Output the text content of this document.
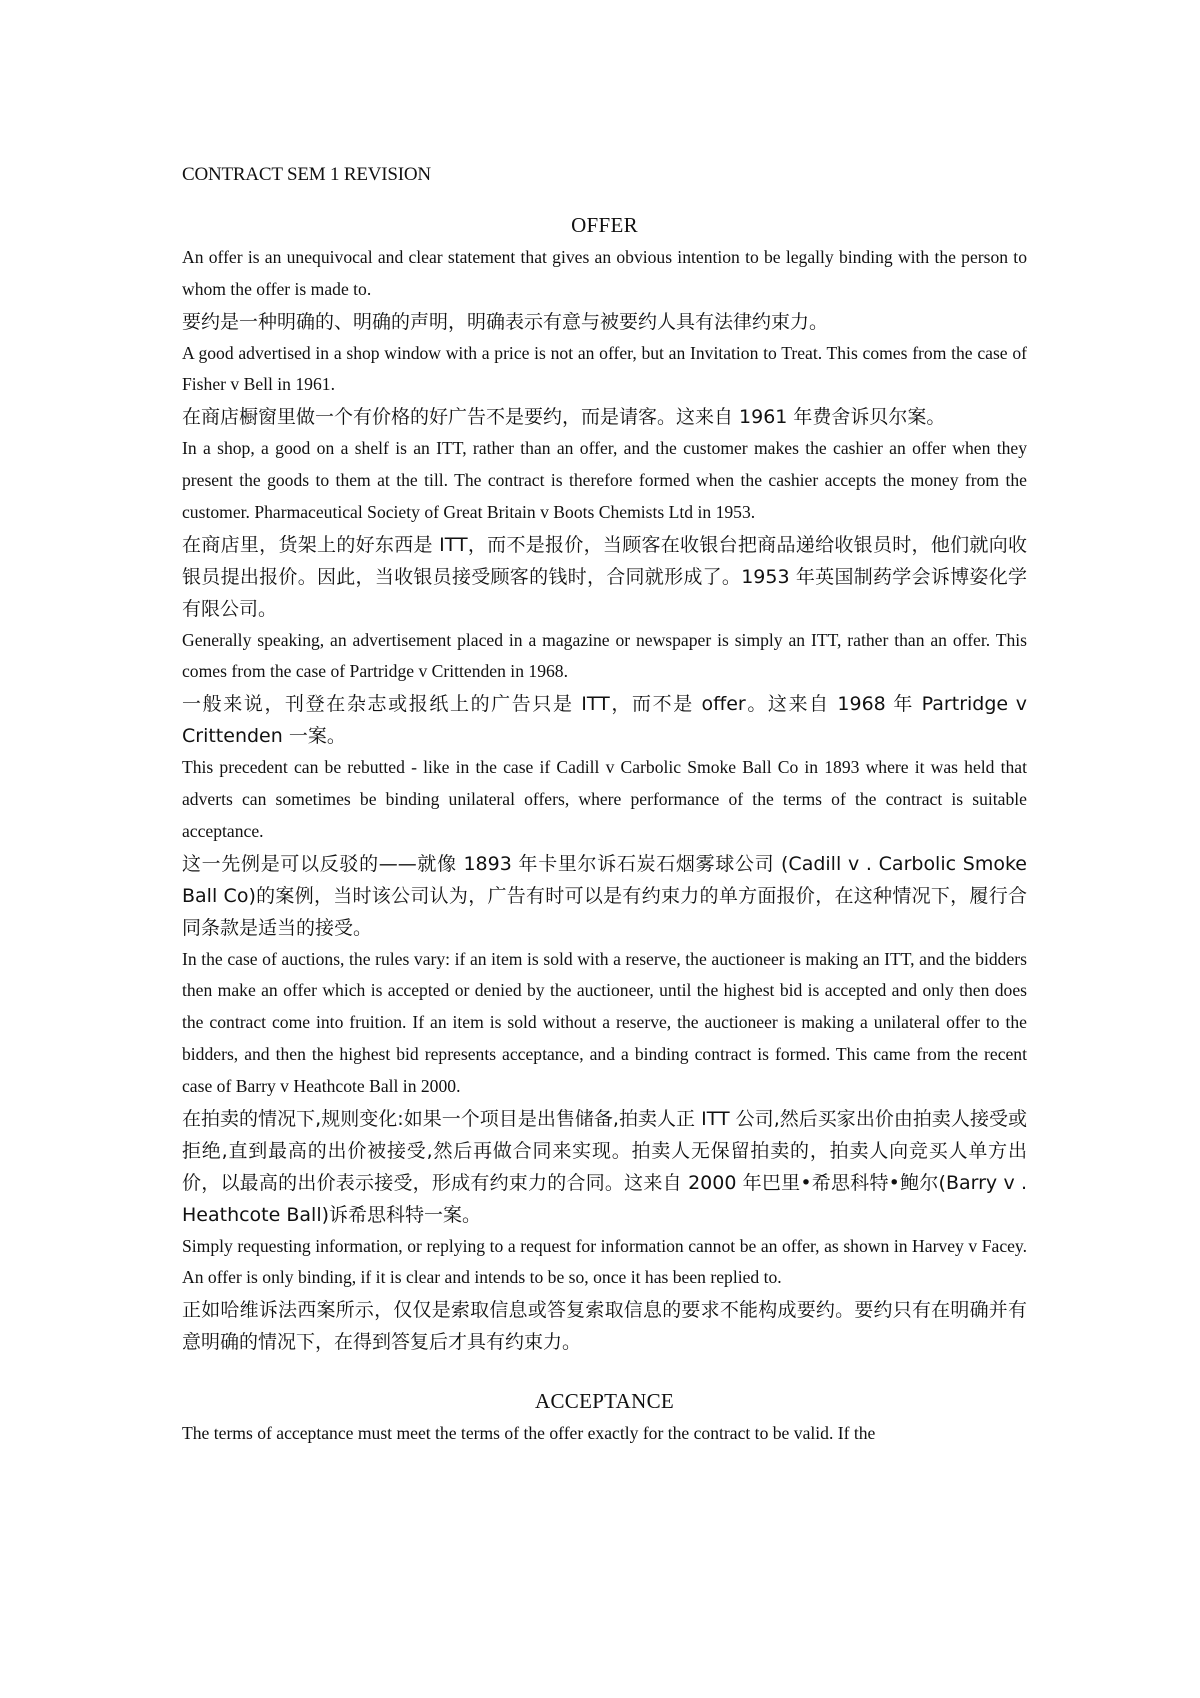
CONTRACT SEM 1 REVISION
OFFER

An offer is an unequivocal and clear statement that gives an obvious intention to be legally binding with the person to whom the offer is made to.

要约是一种明确的、明确的声明，明确表示有意与被要约人具有法律约束力。

A good advertised in a shop window with a price is not an offer, but an Invitation to Treat. This comes from the case of Fisher v Bell in 1961.

在商店橱窗里做一个有价格的好广告不是要约，而是请客。这来自 1961 年费舍诉贝尔案。

In a shop, a good on a shelf is an ITT, rather than an offer, and the customer makes the cashier an offer when they present the goods to them at the till. The contract is therefore formed when the cashier accepts the money from the customer. Pharmaceutical Society of Great Britain v Boots Chemists Ltd in 1953.

在商店里，货架上的好东西是 ITT，而不是报价，当顾客在收银台把商品递给收银员时，他们就向收银员提出报价。因此，当收银员接受顾客的钱时，合同就形成了。1953 年英国制药学会诉博姿化学有限公司。

Generally speaking, an advertisement placed in a magazine or newspaper is simply an ITT, rather than an offer. This comes from the case of Partridge v Crittenden in 1968.

一般来说，刊登在杂志或报纸上的广告只是 ITT，而不是 offer。这来自 1968 年 Partridge v Crittenden 一案。

This precedent can be rebutted - like in the case if Cadill v Carbolic Smoke Ball Co in 1893 where it was held that adverts can sometimes be binding unilateral offers, where performance of the terms of the contract is suitable acceptance.

这一先例是可以反驳的——就像 1893 年卡里尔诉石炭石烟雾球公司 (Cadill v . Carbolic Smoke Ball Co)的案例，当时该公司认为，广告有时可以是有约束力的单方面报价，在这种情况下，履行合同条款是适当的接受。

In the case of auctions, the rules vary: if an item is sold with a reserve, the auctioneer is making an ITT, and the bidders then make an offer which is accepted or denied by the auctioneer, until the highest bid is accepted and only then does the contract come into fruition. If an item is sold without a reserve, the auctioneer is making a unilateral offer to the bidders, and then the highest bid represents acceptance, and a binding contract is formed. This came from the recent case of Barry v Heathcote Ball in 2000.

在拍卖的情况下,规则变化:如果一个项目是出售储备,拍卖人正 ITT 公司,然后买家出价由拍卖人接受或拒绝,直到最高的出价被接受,然后再做合同来实现。拍卖人无保留拍卖的，拍卖人向竞买人单方出价，以最高的出价表示接受，形成有约束力的合同。这来自 2000 年巴里•希思科特•鲍尔(Barry v . Heathcote Ball)诉希思科特一案。

Simply requesting information, or replying to a request for information cannot be an offer, as shown in Harvey v Facey. An offer is only binding, if it is clear and intends to be so, once it has been replied to.

正如哈维诉法西案所示，仅仅是索取信息或答复索取信息的要求不能构成要约。要约只有在明确并有意明确的情况下，在得到答复后才具有约束力。

ACCEPTANCE

The terms of acceptance must meet the terms of the offer exactly for the contract to be valid. If the
